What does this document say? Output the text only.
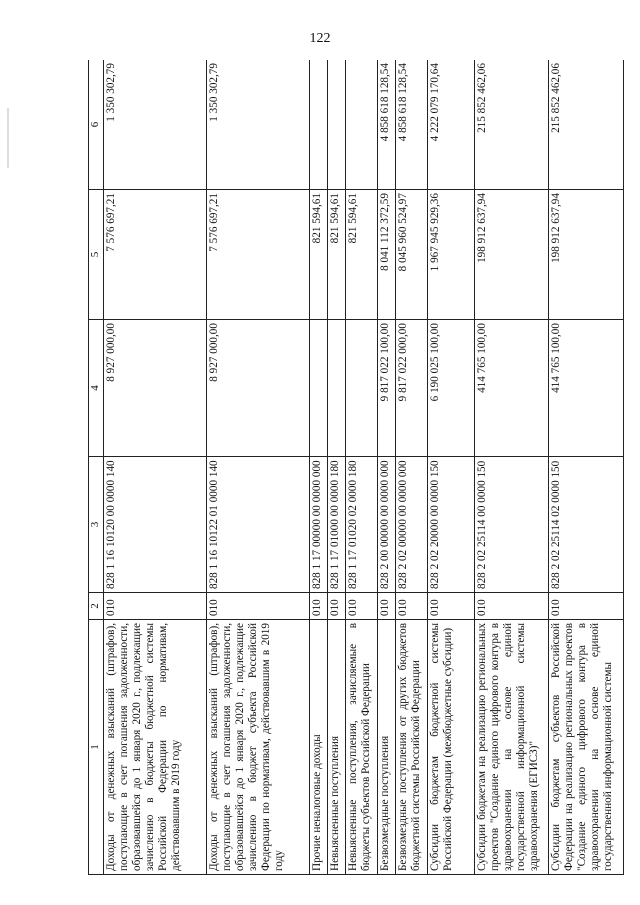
122
1	2	3	4	5	6
Доходы от денежных взысканий (штрафов), поступающие в счет погашения задолженности, образовавшейся до 1 января 2020 г., подлежащие зачислению в бюджеты бюджетной системы Российской Федерации по нормативам, действовавшим в 2019 году	010	828 1 16 10120 00 0000 140	8 927 000,00	7 576 697,21	1 350 302,79
Доходы от денежных взысканий (штрафов), поступающие в счет погашения задолженности, образовавшейся до 1 января 2020 г., подлежащие зачислению в бюджет субъекта Российской Федерации по нормативам, действовавшим в 2019 году	010	828 1 16 10122 01 0000 140	8 927 000,00	7 576 697,21	1 350 302,79
Прочие неналоговые доходы	010	828 1 17 00000 00 0000 000		821 594,61	
Невыясненные поступления	010	828 1 17 01000 00 0000 180		821 594,61	
Невыясненные поступления, зачисляемые в бюджеты субъектов Российской Федерации	010	828 1 17 01020 02 0000 180		821 594,61	
Безвозмездные поступления	010	828 2 00 00000 00 0000 000	9 817 022 100,00	8 041 112 372,59	4 858 618 128,54
Безвозмездные поступления от других бюджетов бюджетной системы Российской Федерации	010	828 2 02 00000 00 0000 000	9 817 022 000,00	8 045 960 524,97	4 858 618 128,54
Субсидии бюджетам бюджетной системы Российской Федерации (межбюджетные субсидии)	010	828 2 02 20000 00 0000 150	6 190 025 100,00	1 967 945 929,36	4 222 079 170,64
Субсидии бюджетам на реализацию региональных проектов "Создание единого цифрового контура в здравоохранении на основе единой государственной информационной системы здравоохранения (ЕГИСЗ)"	010	828 2 02 25114 00 0000 150	414 765 100,00	198 912 637,94	215 852 462,06
Субсидии бюджетам субъектов Российской Федерации на реализацию региональных проектов "Создание единого цифрового контура в здравоохранении на основе единой государственной информационной системы	010	828 2 02 25114 02 0000 150	414 765 100,00	198 912 637,94	215 852 462,06
